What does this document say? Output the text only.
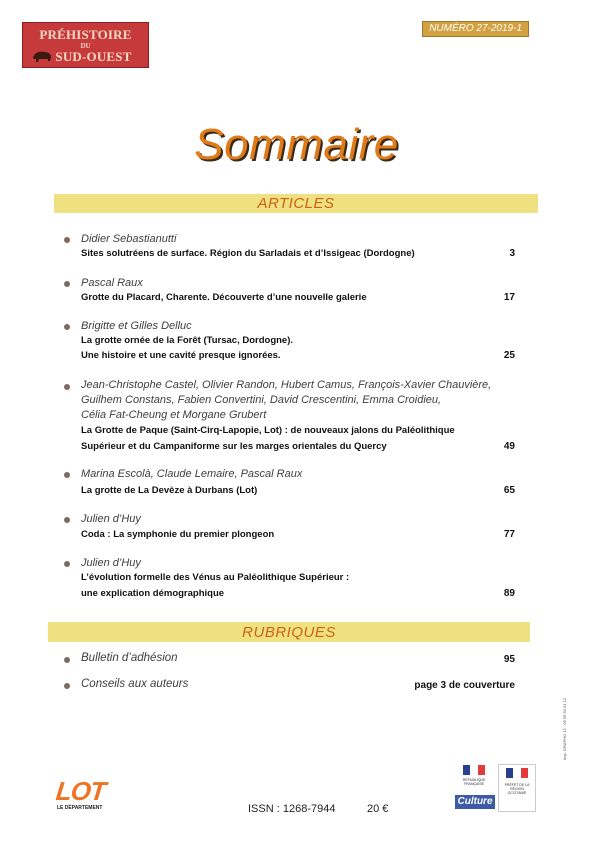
PRÉHISTOIRE
DU
SUD-OUEST
NUMÉRO 27-2019-1
Sommaire
ARTICLES
Didier Sebastianutti
Sites solutréens de surface. Région du Sarladais et d’Issigeac (Dordogne)	3
Pascal Raux
Grotte du Placard, Charente. Découverte d’une nouvelle galerie	17
Brigitte et Gilles Delluc
La grotte ornée de la Forêt (Tursac, Dordogne).
Une histoire et une cavité presque ignorées.	25
Jean-Christophe Castel, Olivier Randon, Hubert Camus, François-Xavier Chauvière,
Guilhem Constans, Fabien Convertini, David Crescentini, Emma Croidieu,
Célia Fat-Cheung et Morgane Grubert
La Grotte de Paque (Saint-Cirq-Lapopie, Lot) : de nouveaux jalons du Paléolithique
Supérieur et du Campaniforme sur les marges orientales du Quercy	49
Marina Escolà, Claude Lemaire, Pascal Raux
La grotte de La Devèze à Durbans (Lot)	65
Julien d’Huy
Coda : La symphonie du premier plongeon	77
Julien d’Huy
L’évolution formelle des Vénus au Paléolithique Supérieur :
une explication démographique	89
RUBRIQUES
Bulletin d’adhésion	95
Conseils aux auteurs	page 3 de couverture
LOT
LE DÉPARTEMENT	ISSN : 1268-7944	20 €
RÉPUBLIQUE FRANÇAISE
Culture
PRÉFET DE LA RÉGION OCCITANIE
Imp. GRAPHO 12 - 05 65 63 01 12
